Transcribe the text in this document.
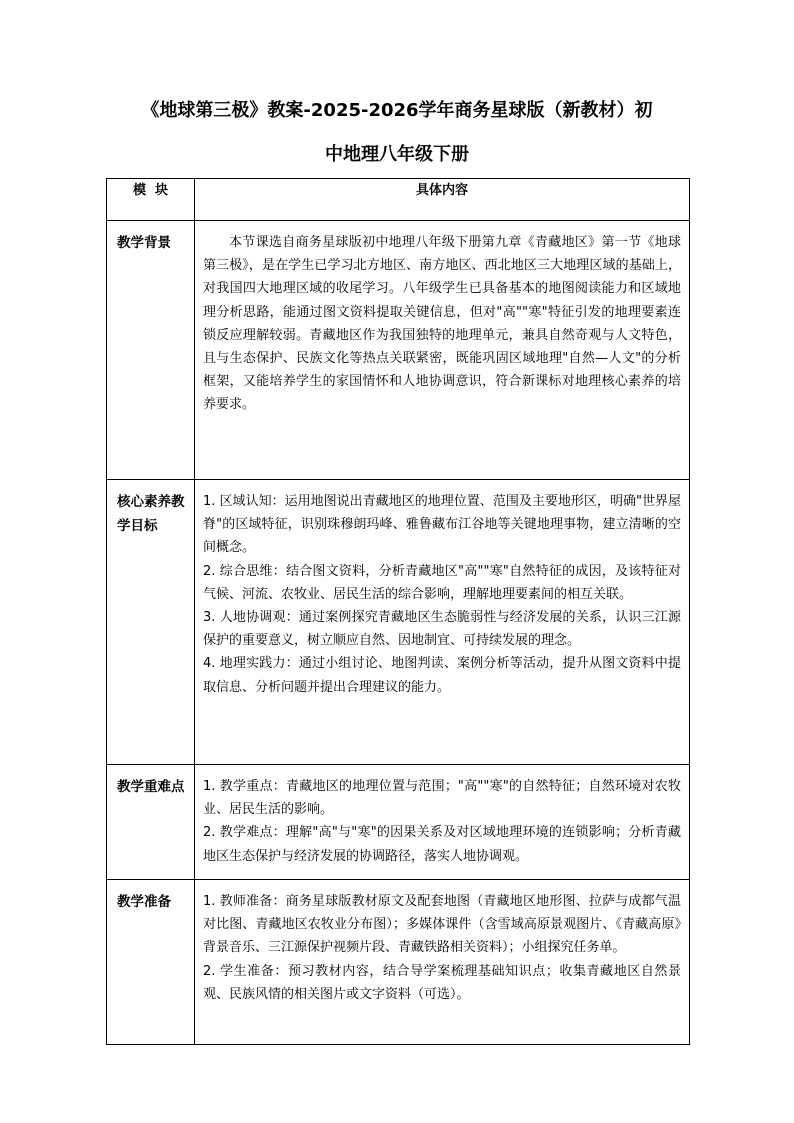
《地球第三极》教案-2025-2026学年商务星球版（新教材）初
中地理八年级下册
模  块	具体内容
教学背景	本节课选自商务星球版初中地理八年级下册第九章《青藏地区》第一节《地球第三极》，是在学生已学习北方地区、南方地区、西北地区三大地理区域的基础上，对我国四大地理区域的收尾学习。八年级学生已具备基本的地图阅读能力和区域地理分析思路，能通过图文资料提取关键信息，但对"高""寒"特征引发的地理要素连锁反应理解较弱。青藏地区作为我国独特的地理单元，兼具自然奇观与人文特色，且与生态保护、民族文化等热点关联紧密，既能巩固区域地理"自然—人文"的分析框架，又能培养学生的家国情怀和人地协调意识，符合新课标对地理核心素养的培养要求。

核心素养教学目标	1. 区域认知：运用地图说出青藏地区的地理位置、范围及主要地形区，明确"世界屋脊"的区域特征，识别珠穆朗玛峰、雅鲁藏布江谷地等关键地理事物，建立清晰的空间概念。

2. 综合思维：结合图文资料，分析青藏地区"高""寒"自然特征的成因，及该特征对气候、河流、农牧业、居民生活的综合影响，理解地理要素间的相互关联。

3. 人地协调观：通过案例探究青藏地区生态脆弱性与经济发展的关系，认识三江源保护的重要意义，树立顺应自然、因地制宜、可持续发展的理念。

4. 地理实践力：通过小组讨论、地图判读、案例分析等活动，提升从图文资料中提取信息、分析问题并提出合理建议的能力。

教学重难点	1. 教学重点：青藏地区的地理位置与范围；"高""寒"的自然特征；自然环境对农牧业、居民生活的影响。

2. 教学难点：理解"高"与"寒"的因果关系及对区域地理环境的连锁影响；分析青藏地区生态保护与经济发展的协调路径，落实人地协调观。

教学准备	1. 教师准备：商务星球版教材原文及配套地图（青藏地区地形图、拉萨与成都气温对比图、青藏地区农牧业分布图）；多媒体课件（含雪域高原景观图片、《青藏高原》背景音乐、三江源保护视频片段、青藏铁路相关资料）；小组探究任务单。

2. 学生准备：预习教材内容，结合导学案梳理基础知识点；收集青藏地区自然景观、民族风情的相关图片或文字资料（可选）。
